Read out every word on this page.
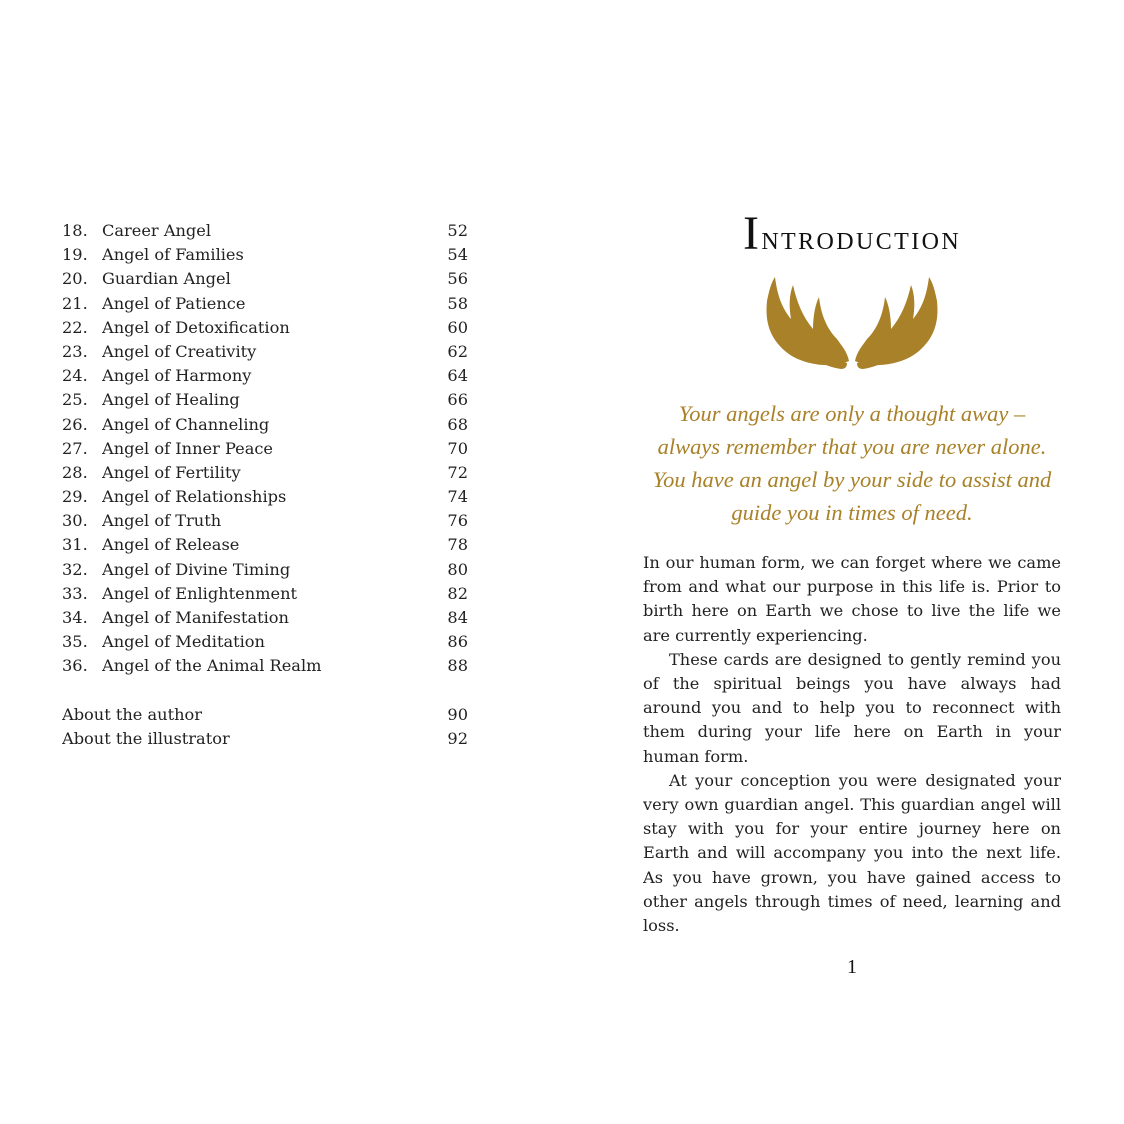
18. Career Angel	52
19. Angel of Families	54
20. Guardian Angel	56
21. Angel of Patience	58
22. Angel of Detoxification	60
23. Angel of Creativity	62
24. Angel of Harmony	64
25. Angel of Healing	66
26. Angel of Channeling	68
27. Angel of Inner Peace	70
28. Angel of Fertility	72
29. Angel of Relationships	74
30. Angel of Truth	76
31. Angel of Release	78
32. Angel of Divine Timing	80
33. Angel of Enlightenment	82
34. Angel of Manifestation	84
35. Angel of Meditation	86
36. Angel of the Animal Realm	88
About the author	90
About the illustrator	92
Introduction
Your angels are only a thought away –
always remember that you are never alone.
You have an angel by your side to assist and
guide you in times of need.

In our human form, we can forget where we came from and what our purpose in this life is. Prior to birth here on Earth we chose to live the life we are currently experiencing.

These cards are designed to gently remind you of the spiritual beings you have always had around you and to help you to reconnect with them during your life here on Earth in your human form.

At your conception you were designated your very own guardian angel. This guardian angel will stay with you for your entire journey here on Earth and will accompany you into the next life. As you have grown, you have gained access to other angels through times of need, learning and loss.

1
